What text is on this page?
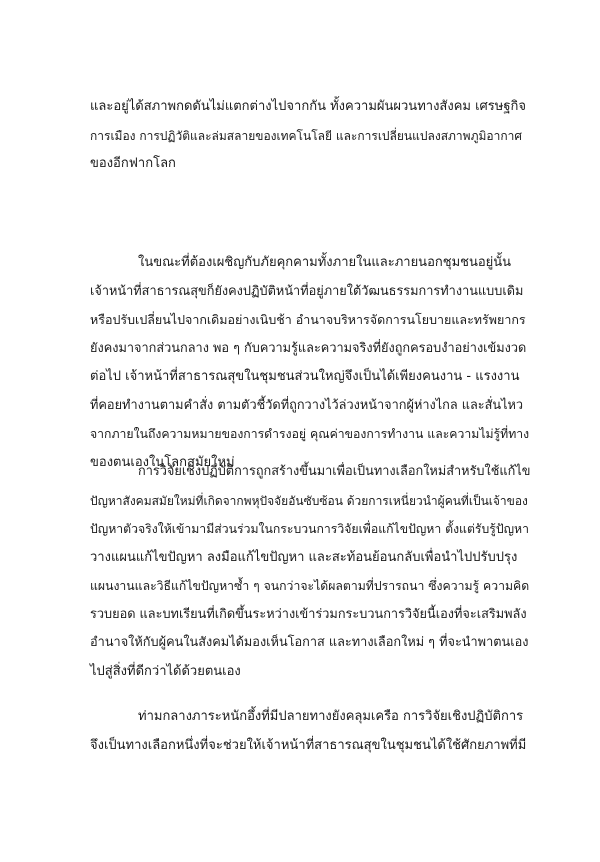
และอยู่ได้สภาพกดดันไม่แตกต่างไปจากกัน ทั้งความผันผวนทางสังคม เศรษฐกิจ
การเมือง การปฏิวัติและล่มสลายของเทคโนโลยี และการเปลี่ยนแปลงสภาพภูมิอากาศ
ของอีกฟากโลก
ในขณะที่ต้องเผชิญกับภัยคุกคามทั้งภายในและภายนอกชุมชนอยู่นั้น
เจ้าหน้าที่สาธารณสุขก็ยังคงปฏิบัติหน้าที่อยู่ภายใต้วัฒนธรรมการทำงานแบบเดิม
หรือปรับเปลี่ยนไปจากเดิมอย่างเนิบช้า อำนาจบริหารจัดการนโยบายและทรัพยากร
ยังคงมาจากส่วนกลาง พอ ๆ กับความรู้และความจริงที่ยังถูกครอบงำอย่างเข้มงวด
ต่อไป เจ้าหน้าที่สาธารณสุขในชุมชนส่วนใหญ่จึงเป็นได้เพียงคนงาน - แรงงาน
ที่คอยทำงานตามคำสั่ง ตามตัวชี้วัดที่ถูกวางไว้ล่วงหน้าจากผู้ห่างไกล และสั่นไหว
จากภายในถึงความหมายของการดำรงอยู่ คุณค่าของการทำงาน และความไม่รู้ที่ทาง
ของตนเองในโลกสมัยใหม่
การวิจัยเชิงปฏิบัติการถูกสร้างขึ้นมาเพื่อเป็นทางเลือกใหม่สำหรับใช้แก้ไข
ปัญหาสังคมสมัยใหม่ที่เกิดจากพหุปัจจัยอันซับซ้อน ด้วยการเหนี่ยวนำผู้คนที่เป็นเจ้าของ
ปัญหาตัวจริงให้เข้ามามีส่วนร่วมในกระบวนการวิจัยเพื่อแก้ไขปัญหา ตั้งแต่รับรู้ปัญหา
วางแผนแก้ไขปัญหา ลงมือแก้ไขปัญหา และสะท้อนย้อนกลับเพื่อนำไปปรับปรุง
แผนงานและวิธีแก้ไขปัญหาซ้ำ ๆ จนกว่าจะได้ผลตามที่ปรารถนา ซึ่งความรู้ ความคิด
รวบยอด และบทเรียนที่เกิดขึ้นระหว่างเข้าร่วมกระบวนการวิจัยนี้เองที่จะเสริมพลัง
อำนาจให้กับผู้คนในสังคมได้มองเห็นโอกาส และทางเลือกใหม่ ๆ ที่จะนำพาตนเอง
ไปสู่สิ่งที่ดีกว่าได้ด้วยตนเอง
ท่ามกลางภาระหนักอึ้งที่มีปลายทางยังคลุมเครือ การวิจัยเชิงปฏิบัติการ
จึงเป็นทางเลือกหนึ่งที่จะช่วยให้เจ้าหน้าที่สาธารณสุขในชุมชนได้ใช้ศักยภาพที่มี
